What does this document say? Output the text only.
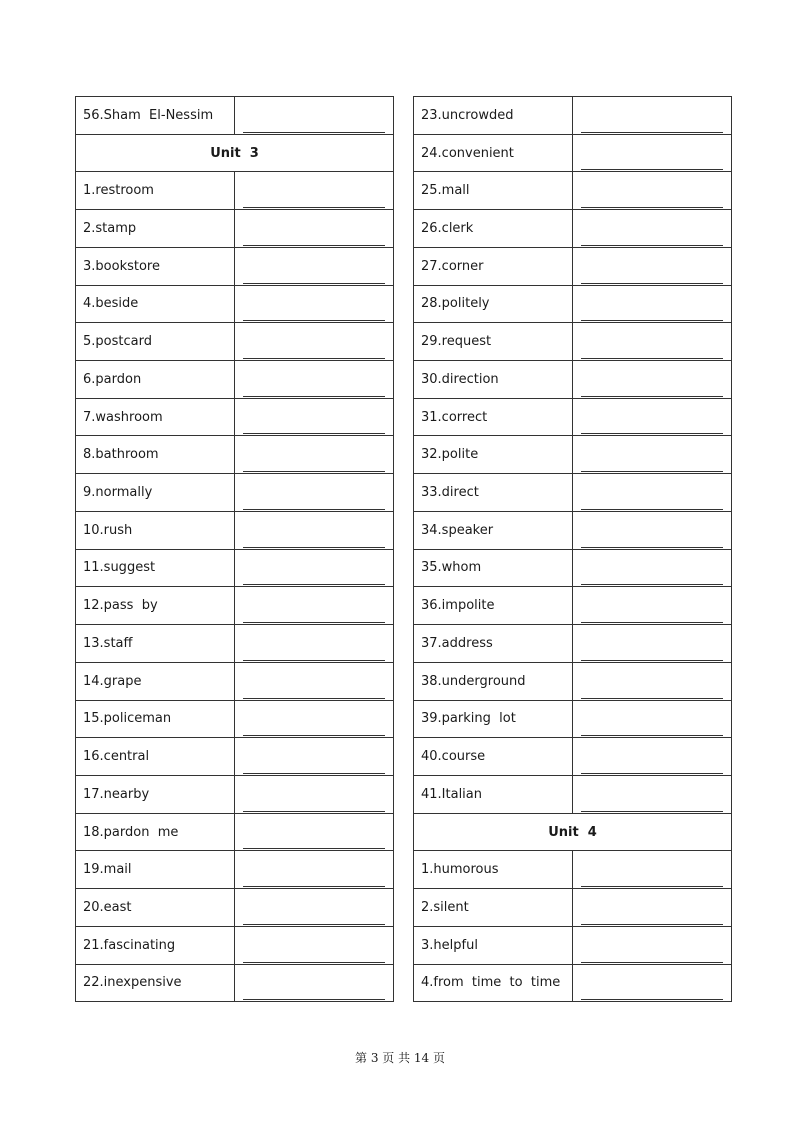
56.Sham  El-Nessim	

Unit  3	
1.restroom	

2.stamp	

3.bookstore	

4.beside	

5.postcard	

6.pardon	

7.washroom	

8.bathroom	

9.normally	

10.rush	

11.suggest	

12.pass  by	

13.staff	

14.grape	

15.policeman	

16.central	

17.nearby	

18.pardon  me	

19.mail	

20.east	

21.fascinating	

22.inexpensive	
23.uncrowded	

24.convenient	

25.mall	

26.clerk	

27.corner	

28.politely	

29.request	

30.direction	

31.correct	

32.polite	

33.direct	

34.speaker	

35.whom	

36.impolite	

37.address	

38.underground	

39.parking  lot	

40.course	

41.Italian	

Unit  4	
1.humorous	

2.silent	

3.helpful	

4.from  time  to  time	
第 3 页 共 14 页
